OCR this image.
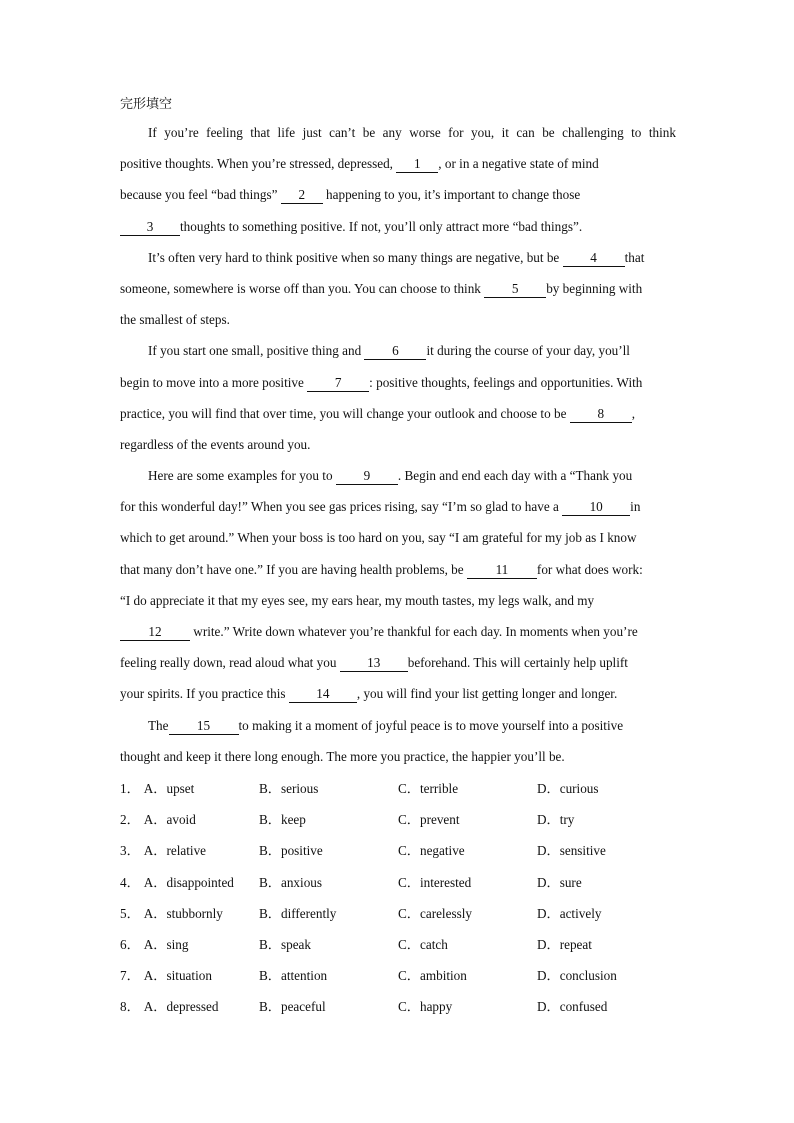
完形填空
If you’re feeling that life just can’t be any worse for you, it can be challenging to think
positive thoughts. When you’re stressed, depressed, 1 , or in a negative state of mind
because you feel “bad things” 2 happening to you, it’s important to change those
3 thoughts to something positive. If not, you’ll only attract more “bad things”.
It’s often very hard to think positive when so many things are negative, but be 4 that
someone, somewhere is worse off than you. You can choose to think 5 by beginning with
the smallest of steps.
If you start one small, positive thing and 6 it during the course of your day, you’ll
begin to move into a more positive 7 : positive thoughts, feelings and opportunities. With
practice, you will find that over time, you will change your outlook and choose to be 8 ,
regardless of the events around you.
Here are some examples for you to 9 . Begin and end each day with a “Thank you
for this wonderful day!” When you see gas prices rising, say “I’m so glad to have a 10 in
which to get around.” When your boss is too hard on you, say “I am grateful for my job as I know
that many don’t have one.” If you are having health problems, be 11 for what does work:
“I do appreciate it that my eyes see, my ears hear, my mouth tastes, my legs walk, and my
12 write.” Write down whatever you’re thankful for each day. In moments when you’re
feeling really down, read aloud what you 13 beforehand. This will certainly help uplift
your spirits. If you practice this 14 , you will find your list getting longer and longer.
The 15 to making it a moment of joyful peace is to move yourself into a positive
thought and keep it there long enough. The more you practice, the happier you’ll be.
1． A．upset	B．serious	C．terrible	D．curious
2． A．avoid	B．keep	C．prevent	D．try
3． A．relative	B．positive	C．negative	D．sensitive
4． A．disappointed	B．anxious	C．interested	D．sure
5． A．stubbornly	B．differently	C．carelessly	D．actively
6． A．sing	B．speak	C．catch	D．repeat
7． A．situation	B．attention	C．ambition	D．conclusion
8． A．depressed	B．peaceful	C．happy	D．confused
